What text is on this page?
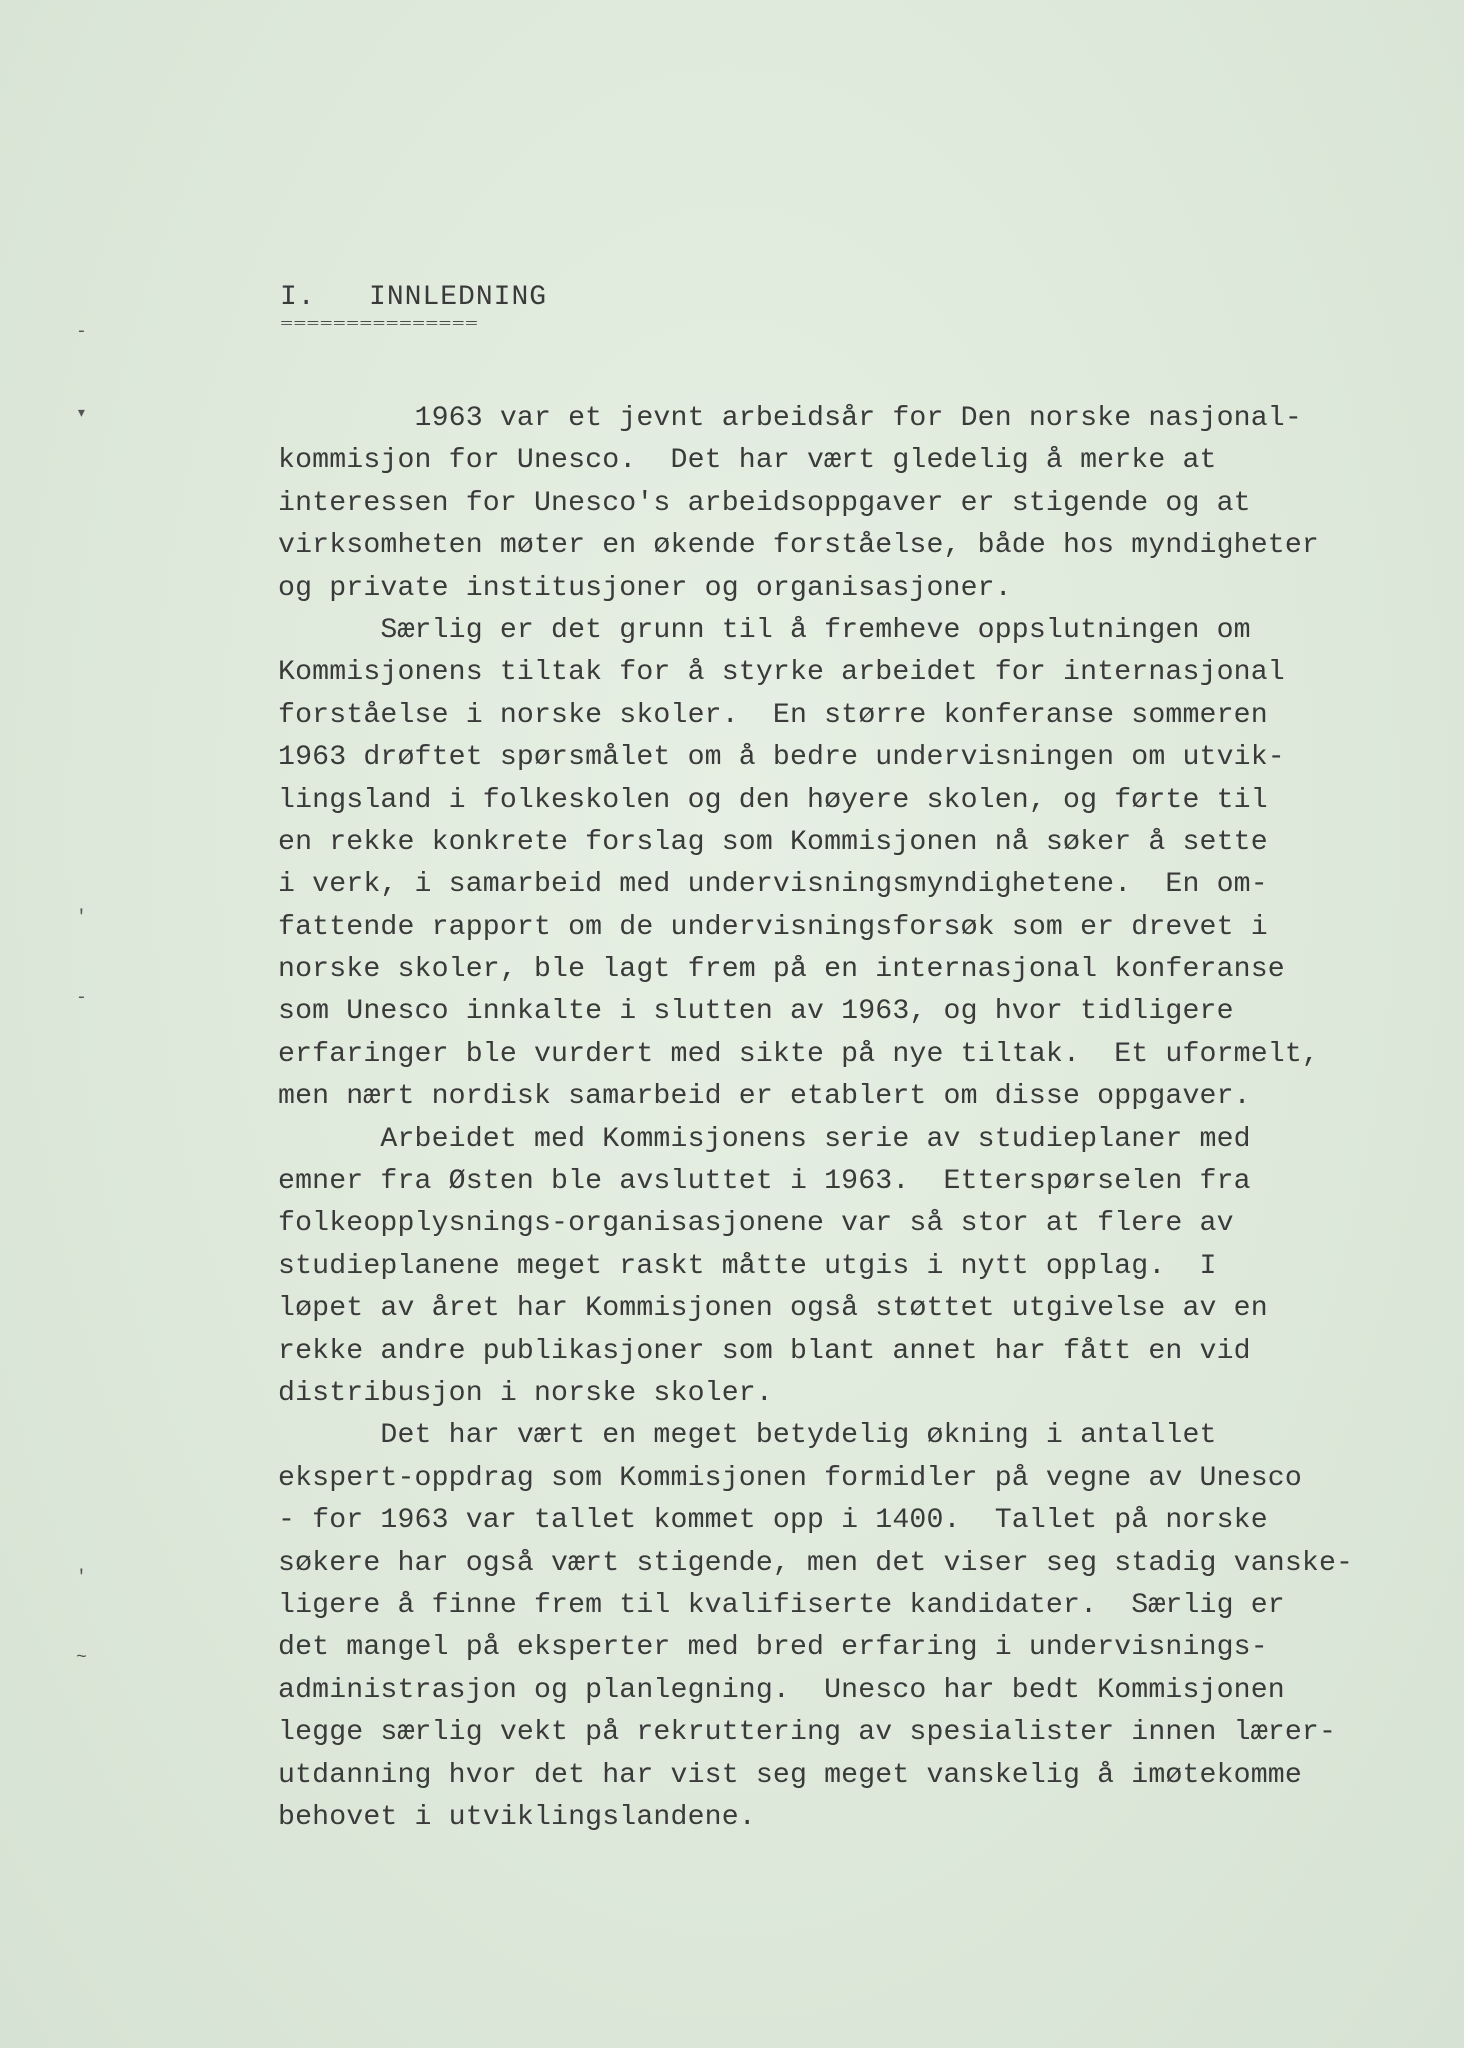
I. INNLEDNING
===============
-
▾
'
-
'
~
1963 var et jevnt arbeidsår for Den norske nasjonal-
kommisjon for Unesco.  Det har vært gledelig å merke at
interessen for Unesco's arbeidsoppgaver er stigende og at
virksomheten møter en økende forståelse, både hos myndigheter
og private institusjoner og organisasjoner.
Særlig er det grunn til å fremheve oppslutningen om
Kommisjonens tiltak for å styrke arbeidet for internasjonal
forståelse i norske skoler.  En større konferanse sommeren
1963 drøftet spørsmålet om å bedre undervisningen om utvik-
lingsland i folkeskolen og den høyere skolen, og førte til
en rekke konkrete forslag som Kommisjonen nå søker å sette
i verk, i samarbeid med undervisningsmyndighetene.  En om-
fattende rapport om de undervisningsforsøk som er drevet i
norske skoler, ble lagt frem på en internasjonal konferanse
som Unesco innkalte i slutten av 1963, og hvor tidligere
erfaringer ble vurdert med sikte på nye tiltak.  Et uformelt,
men nært nordisk samarbeid er etablert om disse oppgaver.
Arbeidet med Kommisjonens serie av studieplaner med
emner fra Østen ble avsluttet i 1963.  Etterspørselen fra
folkeopplysnings-organisasjonene var så stor at flere av
studieplanene meget raskt måtte utgis i nytt opplag.  I
løpet av året har Kommisjonen også støttet utgivelse av en
rekke andre publikasjoner som blant annet har fått en vid
distribusjon i norske skoler.
Det har vært en meget betydelig økning i antallet
ekspert-oppdrag som Kommisjonen formidler på vegne av Unesco
- for 1963 var tallet kommet opp i 1400.  Tallet på norske
søkere har også vært stigende, men det viser seg stadig vanske-
ligere å finne frem til kvalifiserte kandidater.  Særlig er
det mangel på eksperter med bred erfaring i undervisnings-
administrasjon og planlegning.  Unesco har bedt Kommisjonen
legge særlig vekt på rekruttering av spesialister innen lærer-
utdanning hvor det har vist seg meget vanskelig å imøtekomme
behovet i utviklingslandene.
